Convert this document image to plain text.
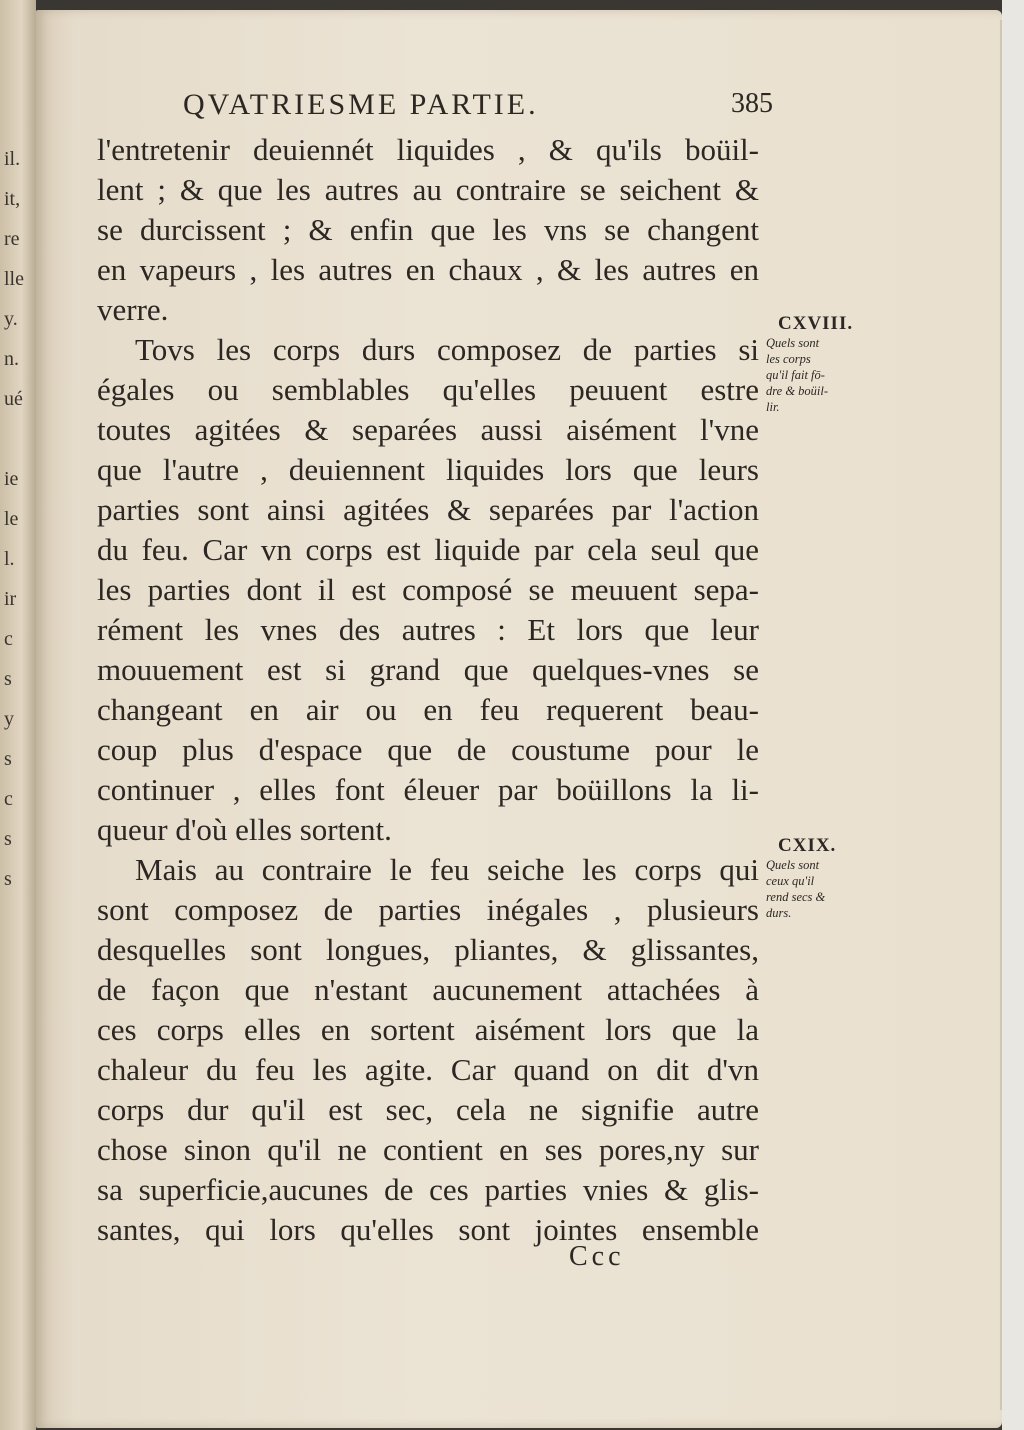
il.
it,
re
lle
y.
n.
ué
ie
le
l.
ir
c
s
y
s
c
s
s
QVATRIESME PARTIE.	385
l'entretenir deuiennét liquides , & qu'ils boüil-
lent ; & que les autres au contraire se seichent &
se durcissent ; & enfin que les vns se changent
en vapeurs , les autres en chaux , & les autres en
verre.
Tovs les corps durs composez de parties si
égales ou semblables qu'elles peuuent estre
toutes agitées & separées aussi aisément l'vne
que l'autre , deuiennent liquides lors que leurs
parties sont ainsi agitées & separées par l'action
du feu. Car vn corps est liquide par cela seul que
les parties dont il est composé se meuuent sepa-
rément les vnes des autres : Et lors que leur
mouuement est si grand que quelques-vnes se
changeant en air ou en feu requerent beau-
coup plus d'espace que de coustume pour le
continuer , elles font éleuer par boüillons la li-
queur d'où elles sortent.
Mais au contraire le feu seiche les corps qui
sont composez de parties inégales , plusieurs
desquelles sont longues, pliantes, & glissantes,
de façon que n'estant aucunement attachées à
ces corps elles en sortent aisément lors que la
chaleur du feu les agite. Car quand on dit d'vn
corps dur qu'il est sec, cela ne signifie autre
chose sinon qu'il ne contient en ses pores,ny sur
sa superficie,aucunes de ces parties vnies & glis-
santes, qui lors qu'elles sont jointes ensemble
CXVIII.
Quels sont
les corps
qu'il fait fō-
dre & boüil-
lir.
CXIX.
Quels sont
ceux qu'il
rend secs &
durs.
Ccc
